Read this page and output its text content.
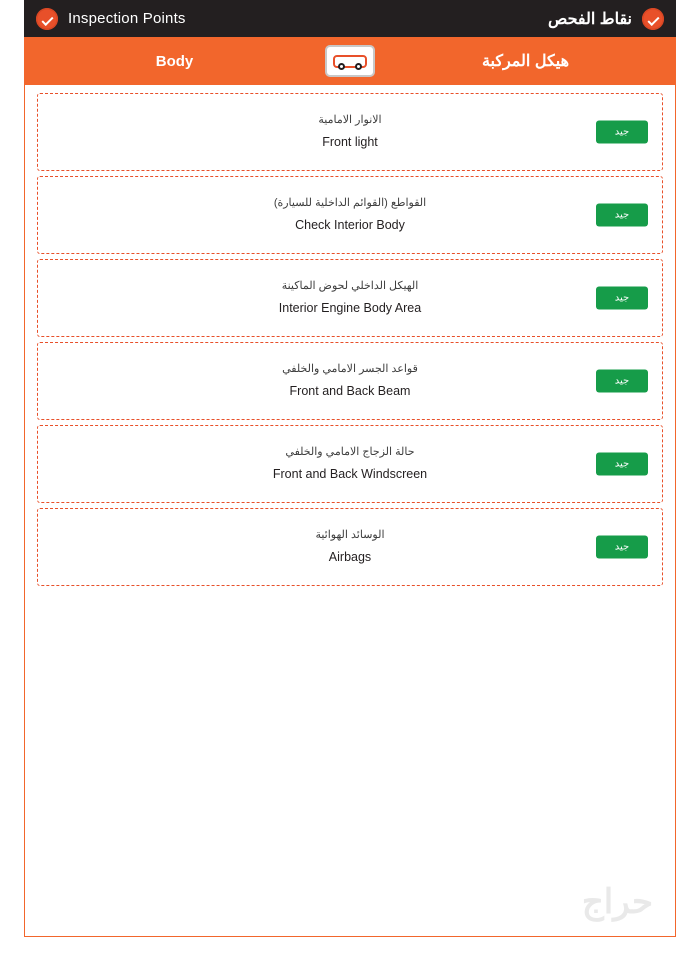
Inspection Points	نقاط الفحص
Body	هيكل المركبة
الانوار الامامية
Front light
جيد
القواطع (القوائم الداخلية للسيارة)
Check Interior Body
جيد
الهيكل الداخلي لحوض الماكينة
Interior Engine Body Area
جيد
قواعد الجسر الامامي والخلفي
Front and Back Beam
جيد
حالة الزجاج الامامي والخلفي
Front and Back Windscreen
جيد
الوسائد الهوائية
Airbags
جيد
حراج
